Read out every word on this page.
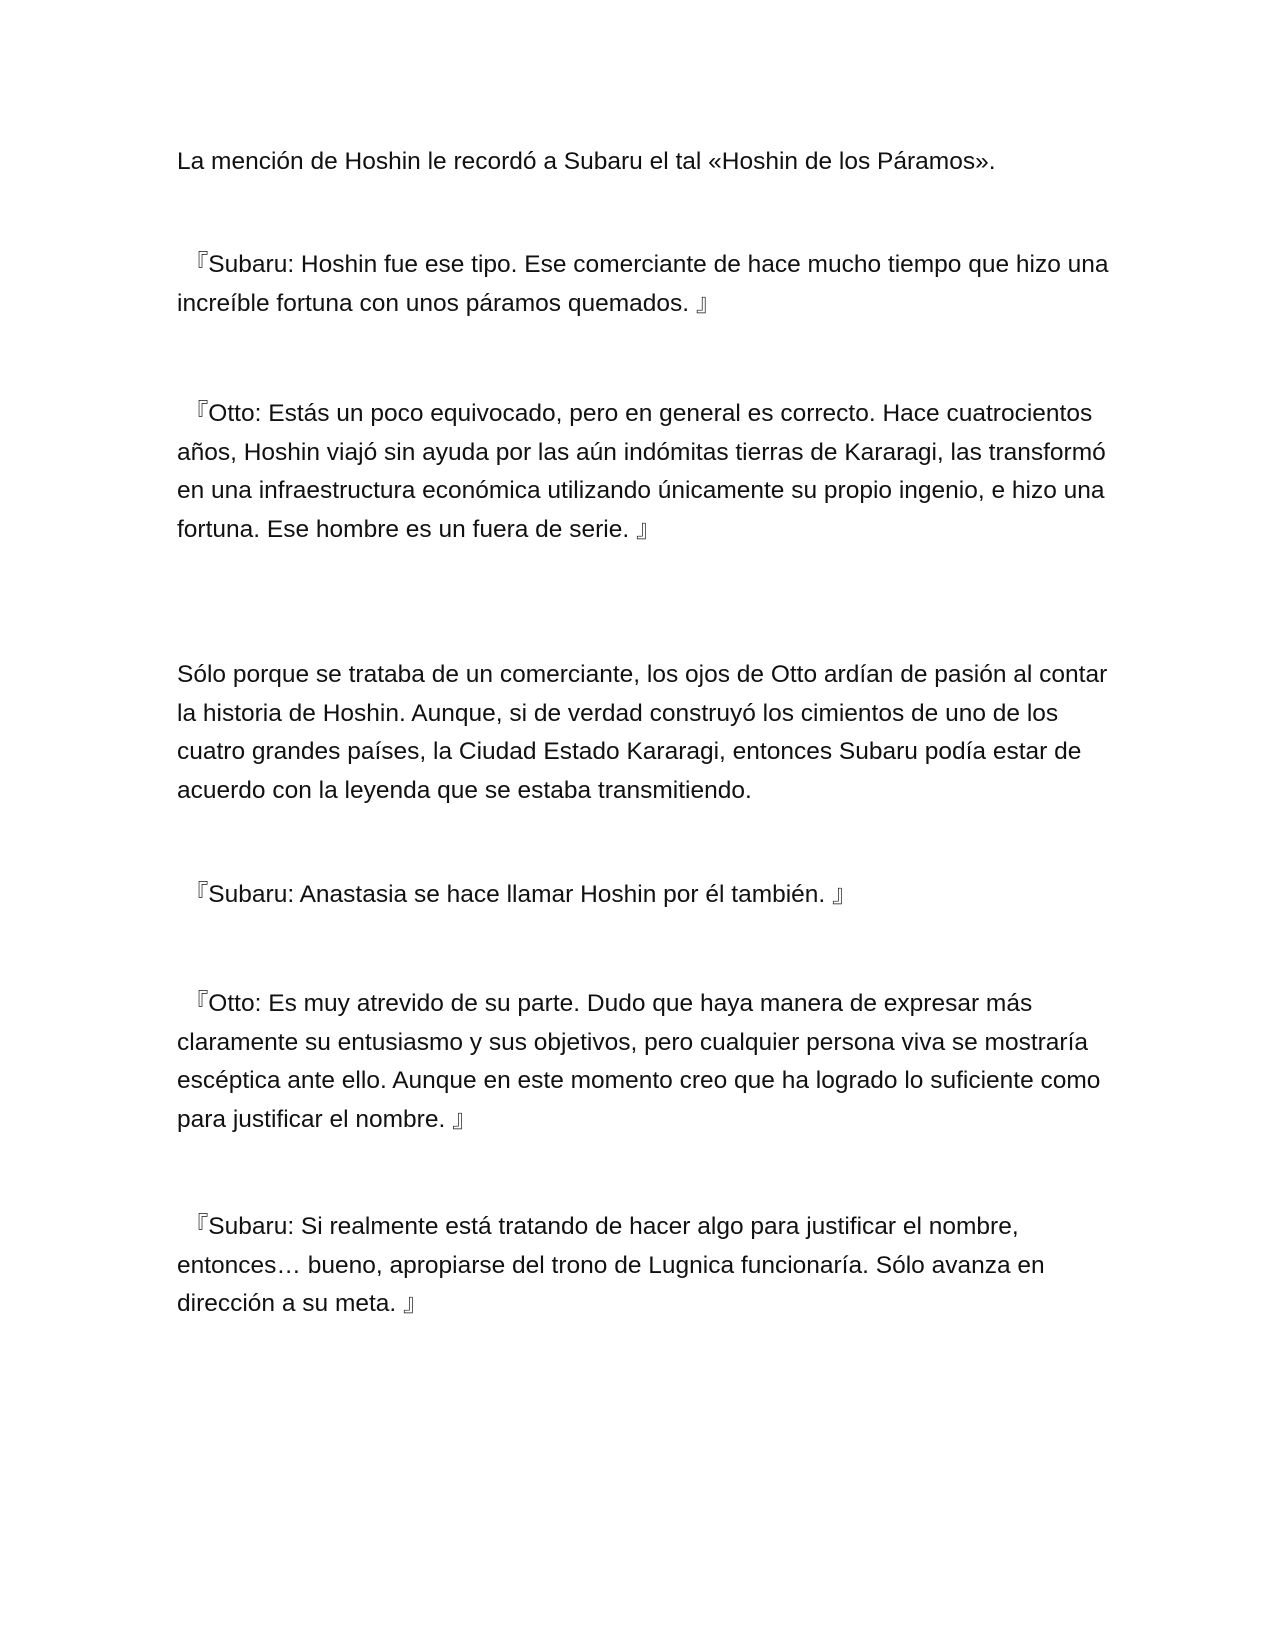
La mención de Hoshin le recordó a Subaru el tal «Hoshin de los Páramos».

『Subaru: Hoshin fue ese tipo. Ese comerciante de hace mucho tiempo que hizo una increíble fortuna con unos páramos quemados. 』

『Otto: Estás un poco equivocado, pero en general es correcto. Hace cuatrocientos años, Hoshin viajó sin ayuda por las aún indómitas tierras de Kararagi, las transformó en una infraestructura económica utilizando únicamente su propio ingenio, e hizo una fortuna. Ese hombre es un fuera de serie. 』

Sólo porque se trataba de un comerciante, los ojos de Otto ardían de pasión al contar la historia de Hoshin. Aunque, si de verdad construyó los cimientos de uno de los cuatro grandes países, la Ciudad Estado Kararagi, entonces Subaru podía estar de acuerdo con la leyenda que se estaba transmitiendo.

『Subaru: Anastasia se hace llamar Hoshin por él también. 』

『Otto: Es muy atrevido de su parte. Dudo que haya manera de expresar más claramente su entusiasmo y sus objetivos, pero cualquier persona viva se mostraría escéptica ante ello. Aunque en este momento creo que ha logrado lo suficiente como para justificar el nombre. 』

『Subaru: Si realmente está tratando de hacer algo para justificar el nombre, entonces… bueno, apropiarse del trono de Lugnica funcionaría. Sólo avanza en dirección a su meta. 』
